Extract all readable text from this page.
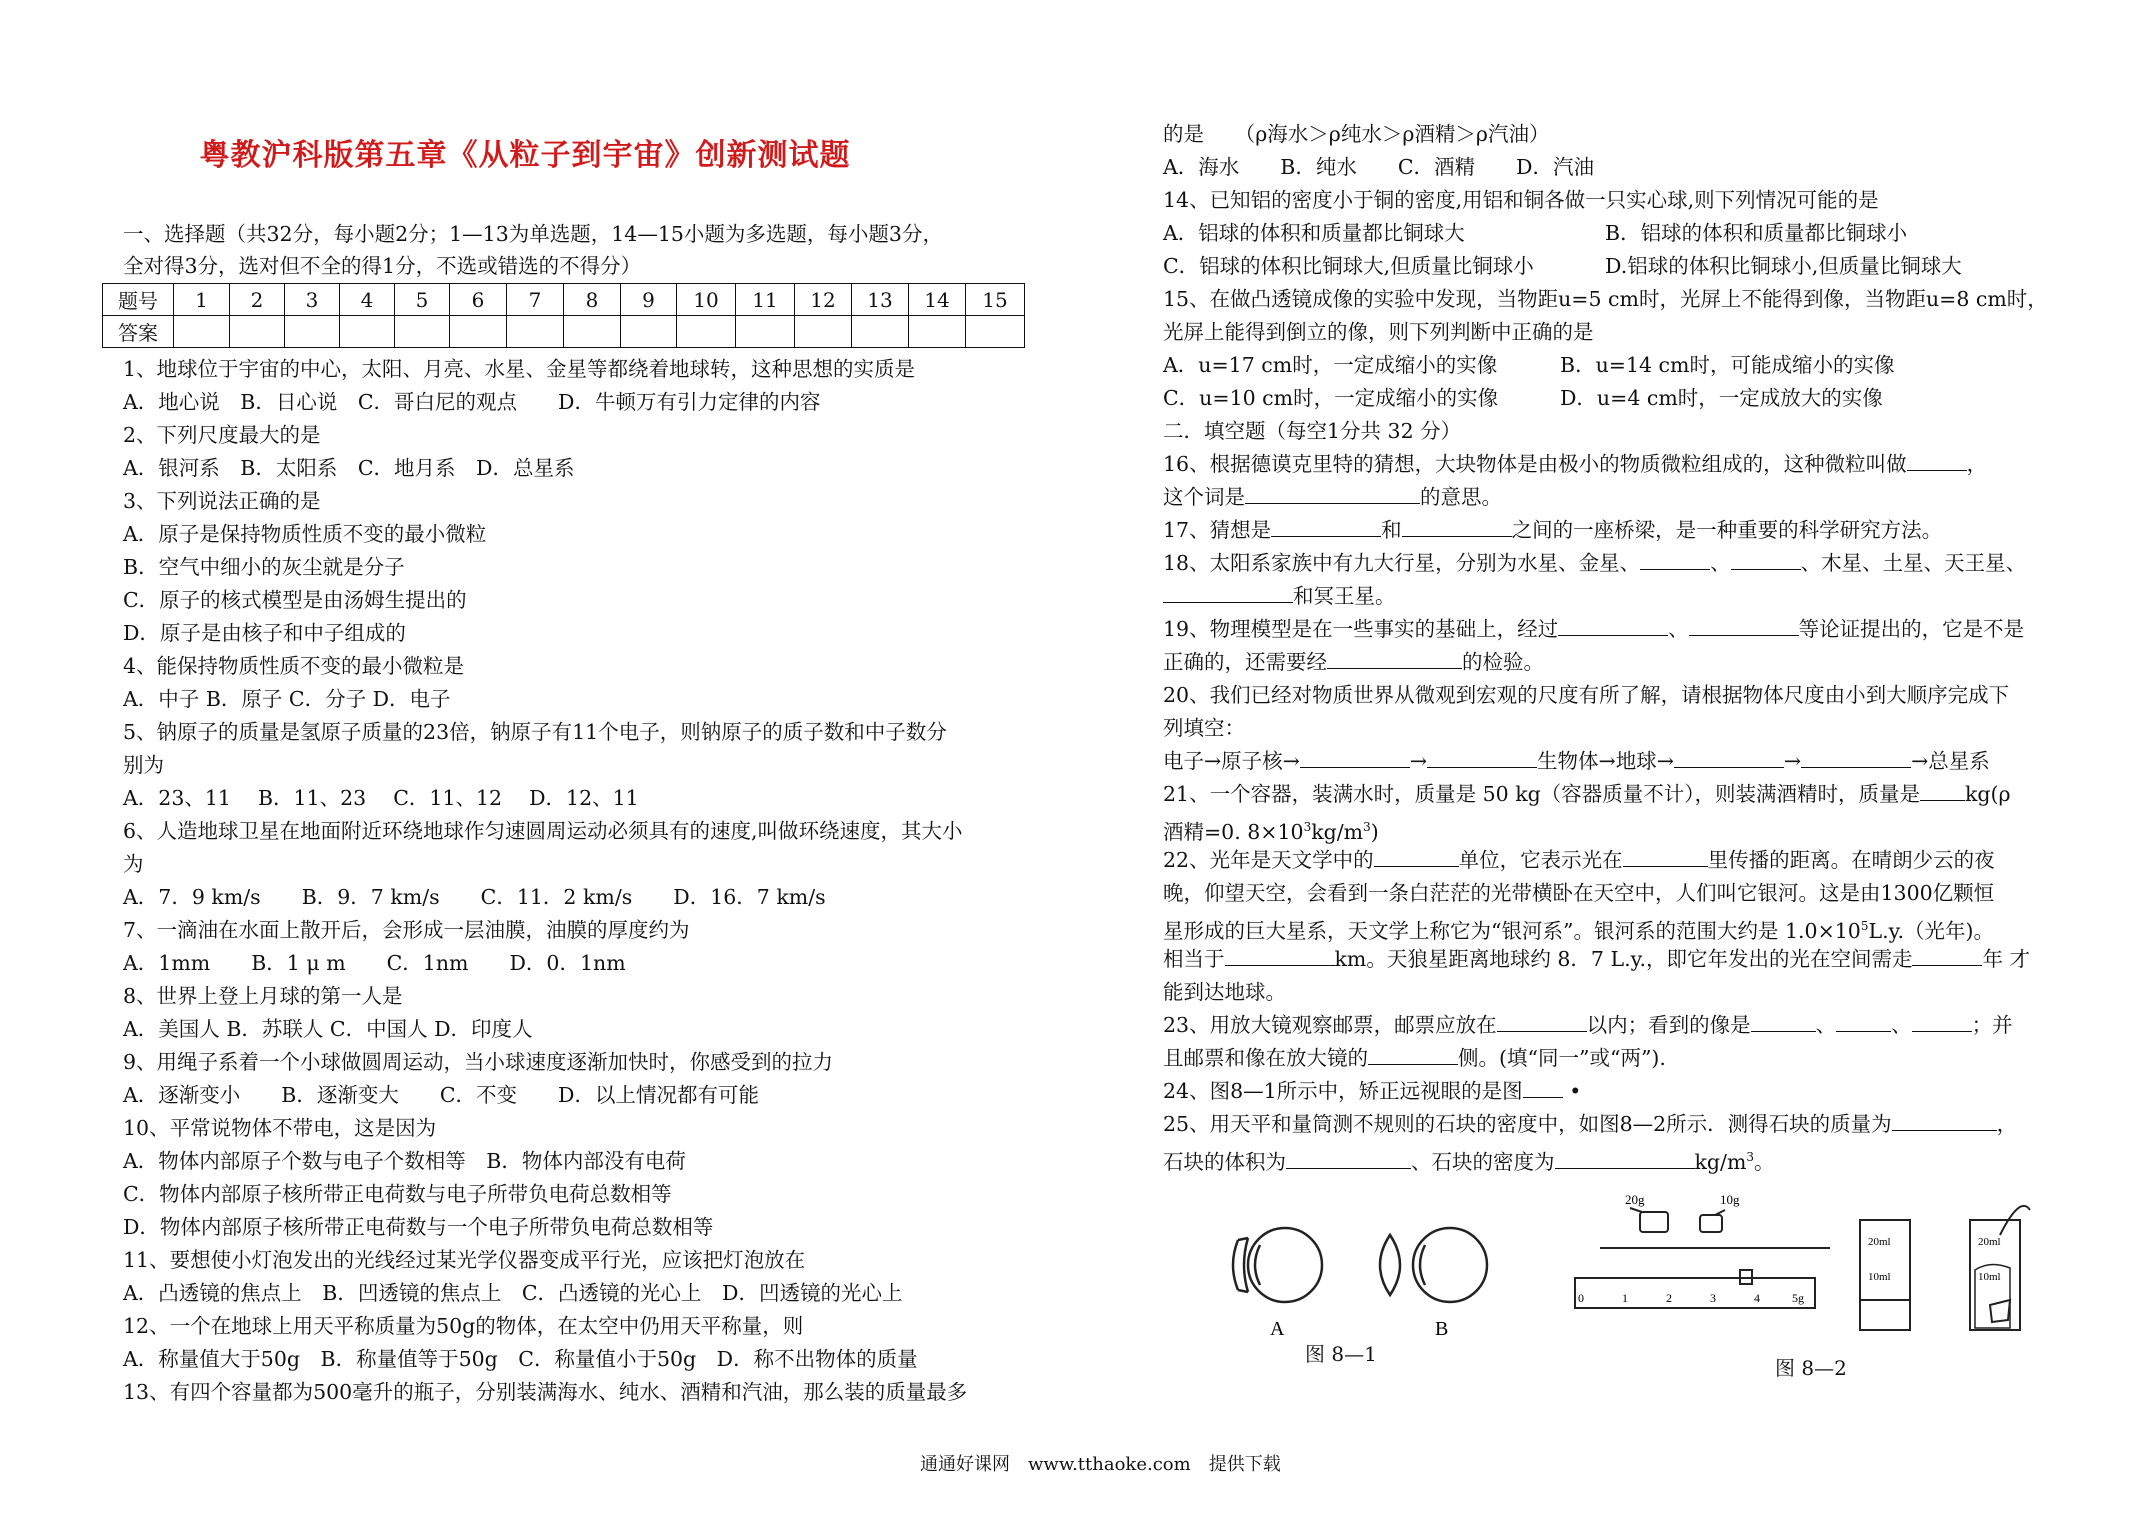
粤教沪科版第五章《从粒子到宇宙》创新测试题
一、选择题（共32分，每小题2分；1—13为单选题，14—15小题为多选题，每小题3分，
全对得3分，选对但不全的得1分，不选或错选的不得分）
题号	1	2	3	4	5	6	7	8	9	10	11	12	13	14	15
答案															
1、地球位于宇宙的中心，太阳、月亮、水星、金星等都绕着地球转，这种思想的实质是
A．地心说　B．日心说　C．哥白尼的观点　　D．牛顿万有引力定律的内容
2、下列尺度最大的是
A．银河系　B．太阳系　C．地月系　D．总星系
3、下列说法正确的是
A．原子是保持物质性质不变的最小微粒
B．空气中细小的灰尘就是分子
C．原子的核式模型是由汤姆生提出的
D．原子是由核子和中子组成的
4、能保持物质性质不变的最小微粒是
A．中子 B．原子 C．分子 D．电子
5、钠原子的质量是氢原子质量的23倍，钠原子有11个电子，则钠原子的质子数和中子数分
别为
A．23、11　 B．11、23　 C．11、12　 D．12、11
6、人造地球卫星在地面附近环绕地球作匀速圆周运动必须具有的速度,叫做环绕速度，其大小
为
A．7．9 km/s　　B．9．7 km/s　　C．11．2 km/s　　D．16．7 km/s
7、一滴油在水面上散开后，会形成一层油膜，油膜的厚度约为
A．1mm　　B．1 μ m　　C．1nm　　D．0．1nm
8、世界上登上月球的第一人是
A．美国人 B．苏联人 C．中国人 D．印度人
9、用绳子系着一个小球做圆周运动，当小球速度逐渐加快时，你感受到的拉力
A．逐渐变小　　B．逐渐变大　　C．不变　　D．以上情况都有可能
10、平常说物体不带电，这是因为
A．物体内部原子个数与电子个数相等　B．物体内部没有电荷
C．物体内部原子核所带正电荷数与电子所带负电荷总数相等
D．物体内部原子核所带正电荷数与一个电子所带负电荷总数相等
11、要想使小灯泡发出的光线经过某光学仪器变成平行光，应该把灯泡放在
A．凸透镜的焦点上　B．凹透镜的焦点上　C．凸透镜的光心上　D．凹透镜的光心上
12、一个在地球上用天平称质量为50g的物体，在太空中仍用天平称量，则
A．称量值大于50g　B．称量值等于50g　C．称量值小于50g　D．称不出物体的质量
13、有四个容量都为500毫升的瓶子，分别装满海水、纯水、酒精和汽油，那么装的质量最多
的是　　（ρ海水＞ρ纯水＞ρ酒精＞ρ汽油）
A．海水　　B．纯水　　C．酒精　　D．汽油
14、已知铝的密度小于铜的密度,用铝和铜各做一只实心球,则下列情况可能的是
A．铝球的体积和质量都比铜球大	B．铝球的体积和质量都比铜球小
C．铝球的体积比铜球大,但质量比铜球小	D.铝球的体积比铜球小,但质量比铜球大
15、在做凸透镜成像的实验中发现，当物距u=5 cm时，光屏上不能得到像，当物距u=8 cm时，
光屏上能得到倒立的像，则下列判断中正确的是
A．u=17 cm时，一定成缩小的实像	B．u=14 cm时，可能成缩小的实像
C．u=10 cm时，一定成缩小的实像	D．u=4 cm时，一定成放大的实像
二．填空题（每空1分共 32 分）
16、根据德谟克里特的猜想，大块物体是由极小的物质微粒组成的，这种微粒叫做	，
这个词是	的意思。
17、猜想是	和	之间的一座桥梁，是一种重要的科学研究方法。
18、太阳系家族中有九大行星，分别为水星、金星、	、	、木星、土星、天王星、
和冥王星。
19、物理模型是在一些事实的基础上，经过	、	等论证提出的，它是不是
正确的，还需要经	的检验。
20、我们已经对物质世界从微观到宏观的尺度有所了解，请根据物体尺度由小到大顺序完成下
列填空：
电子→原子核→	→	生物体→地球→	→	→总星系
21、一个容器，装满水时，质量是 50 kg（容器质量不计），则装满酒精时，质量是 kg(ρ
酒精=0. $8\times 10^3kg/m^3$)
22、光年是天文学中的	单位，它表示光在	里传播的距离。在晴朗少云的夜
晚，仰望天空，会看到一条白茫茫的光带横卧在天空中，人们叫它银河。这是由1300亿颗恒
星形成的巨大星系，天文学上称它为“银河系”。银河系的范围大约是 $1.0\times 10^5L.y$.（光年)。
相当于	km。天狼星距离地球约 8．7 L.y.，即它年发出的光在空间需走	年 才
能到达地球。
23、用放大镜观察邮票，邮票应放在	以内；看到的像是	、	、	；并
且邮票和像在放大镜的	侧。(填“同一”或“两”).
24、图8—1所示中，矫正远视眼的是图 •
25、用天平和量筒测不规则的石块的密度中，如图8—2所示．测得石块的质量为	，
石块的体积为	、石块的密度为	$kg/m^3$。
A	B
图 8—1
20g	10g
0	1	2	3	4	5g
20ml
10ml
20ml
10ml
图 8—2
通通好课网　www.tthaoke.com　提供下载
